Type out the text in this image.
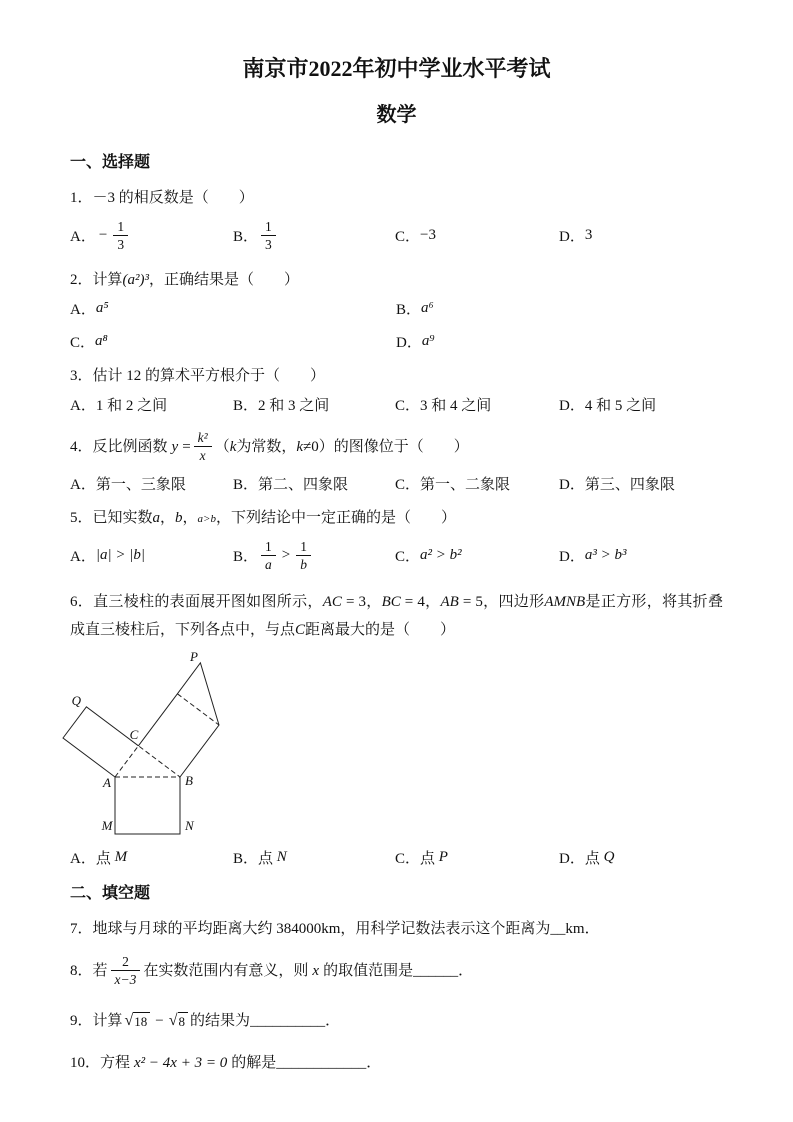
南京市2022年初中学业水平考试
数学
一、选择题
1．－3 的相反数是（　　）
A． − $\frac{1}{3}$	B． $\frac{1}{3}$	C． −3	D． 3
2．计算(a²)³，正确结果是（　　）
A． a⁵	B． a⁶
C． a⁸	D． a⁹
3．估计 12 的算术平方根介于（　　）
A．1 和 2 之间	B．2 和 3 之间	C．3 和 4 之间	D．4 和 5 之间
4．反比例函数 $y = \frac{\text{k²}}{x}$ （ k 为常数， k ≠0）的图像位于（　　）
A．第一、三象限	B．第二、四象限	C．第一、二象限	D．第三、四象限
5．已知实数a，b，a>b，下列结论中一定正确的是（　　）
A． |a| > |b|	B． $\frac{1}{a} > \frac{1}{b}$	C． a² > b²	D． a³ > b³
6．直三棱柱的表面展开图如图所示，AC = 3，BC = 4，AB = 5，四边形AMNB是正方形，将其折叠成直三棱柱后，下列各点中，与点C距离最大的是（　　）
P
Q
C
A	B
M	N
A．点 M	B．点 N	C．点 P	D．点 Q
二、填空题
7．地球与月球的平均距离大约 384000km，用科学记数法表示这个距离为__km．
8．若 $\frac{2}{x-3}$ 在实数范围内有意义，则 x 的取值范围是 ______ ．
9．计算 √ 18 − √ 8 的结果为 __________ ．
10．方程 x² − 4x + 3 = 0 的解是____________．
